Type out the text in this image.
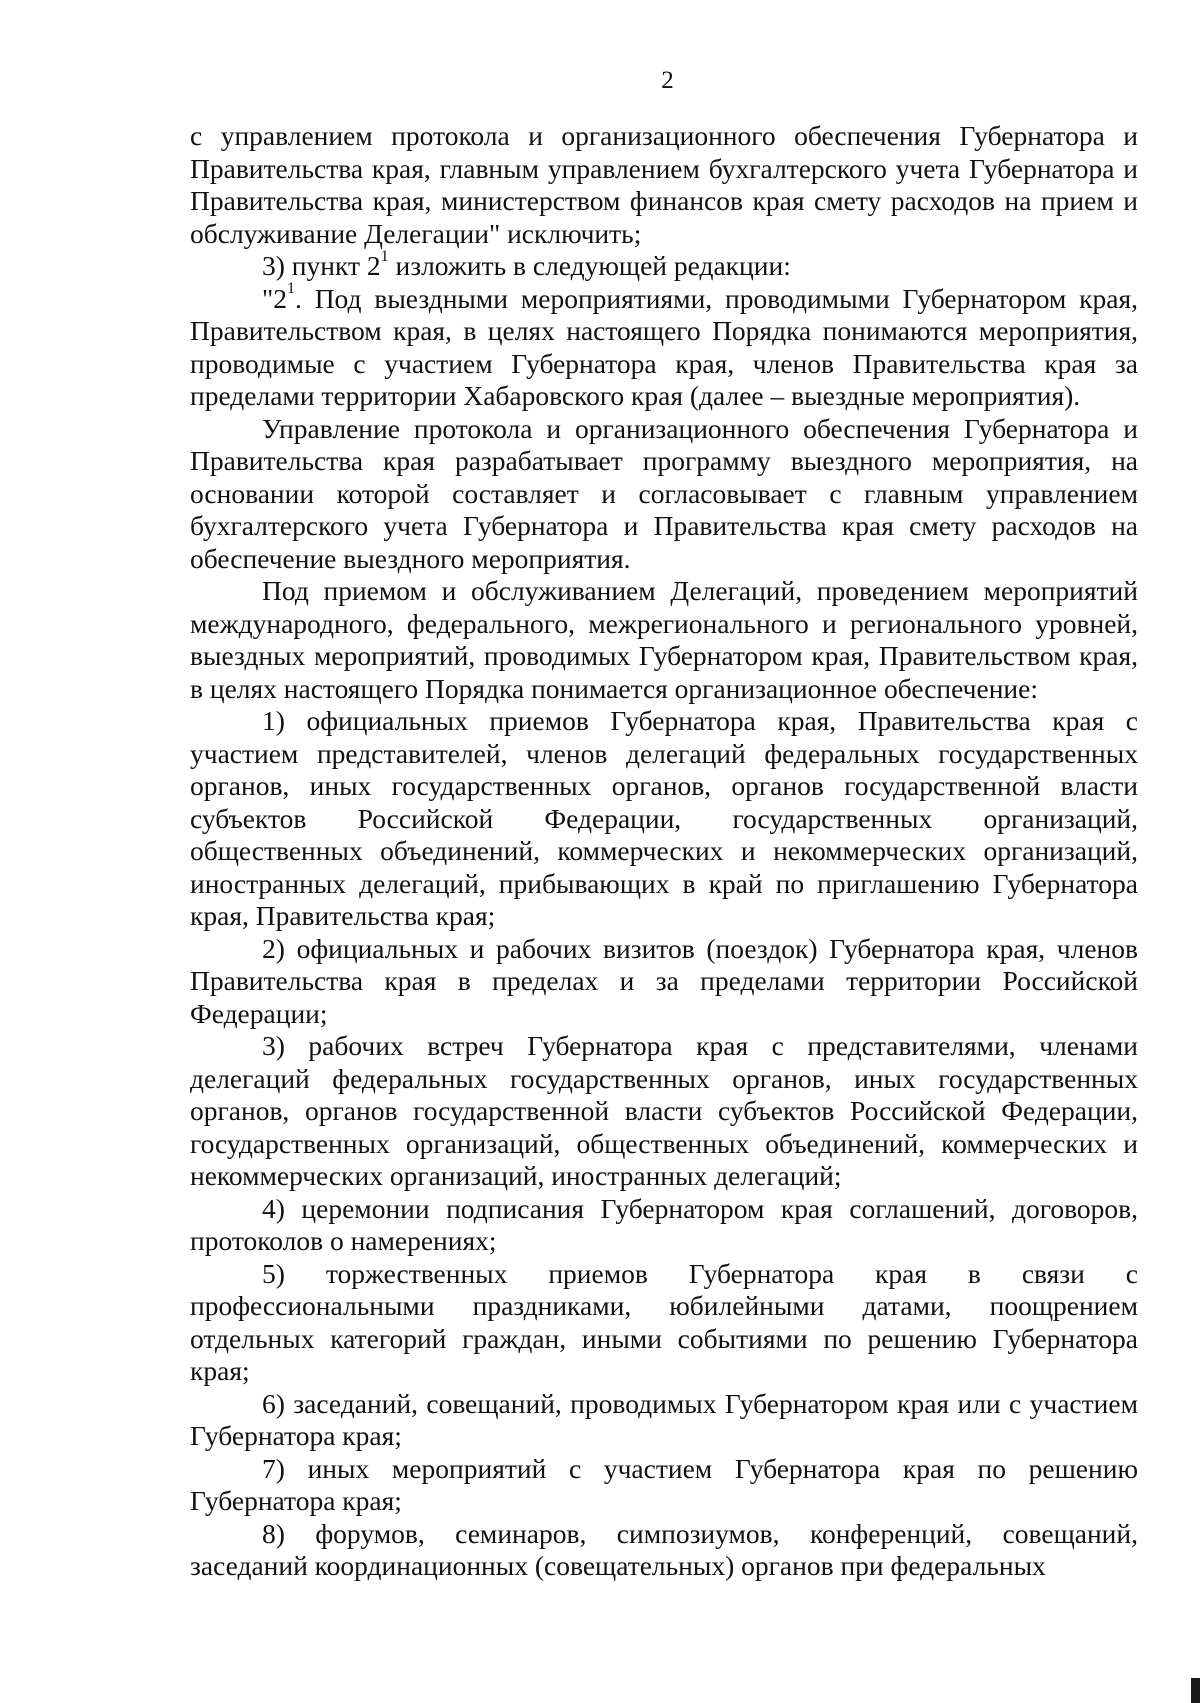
2

с управлением протокола и организационного обеспечения Губернатора и Правительства края, главным управлением бухгалтерского учета Губернатора и Правительства края, министерством финансов края смету расходов на прием и обслуживание Делегации" исключить;

3) пункт $2^1$ изложить в следующей редакции:

"$2^1$. Под выездными мероприятиями, проводимыми Губернатором края, Правительством края, в целях настоящего Порядка понимаются мероприятия, проводимые с участием Губернатора края, членов Правительства края за пределами территории Хабаровского края (далее – выездные мероприятия).

Управление протокола и организационного обеспечения Губернатора и Правительства края разрабатывает программу выездного мероприятия, на основании которой составляет и согласовывает с главным управлением бухгалтерского учета Губернатора и Правительства края смету расходов на обеспечение выездного мероприятия.

Под приемом и обслуживанием Делегаций, проведением мероприятий международного, федерального, межрегионального и регионального уровней, выездных мероприятий, проводимых Губернатором края, Правительством края, в целях настоящего Порядка понимается организационное обеспечение:

1) официальных приемов Губернатора края, Правительства края с участием представителей, членов делегаций федеральных государственных органов, иных государственных органов, органов государственной власти субъектов Российской Федерации, государственных организаций, общественных объединений, коммерческих и некоммерческих организаций, иностранных делегаций, прибывающих в край по приглашению Губернатора края, Правительства края;

2) официальных и рабочих визитов (поездок) Губернатора края, членов Правительства края в пределах и за пределами территории Российской Федерации;

3) рабочих встреч Губернатора края с представителями, членами делегаций федеральных государственных органов, иных государственных органов, органов государственной власти субъектов Российской Федерации, государственных организаций, общественных объединений, коммерческих и некоммерческих организаций, иностранных делегаций;

4) церемонии подписания Губернатором края соглашений, договоров, протоколов о намерениях;

5) торжественных приемов Губернатора края в связи с профессиональными праздниками, юбилейными датами, поощрением отдельных категорий граждан, иными событиями по решению Губернатора края;

6) заседаний, совещаний, проводимых Губернатором края или с участием Губернатора края;

7) иных мероприятий с участием Губернатора края по решению Губернатора края;

8) форумов, семинаров, симпозиумов, конференций, совещаний, заседаний координационных (совещательных) органов при федеральных
